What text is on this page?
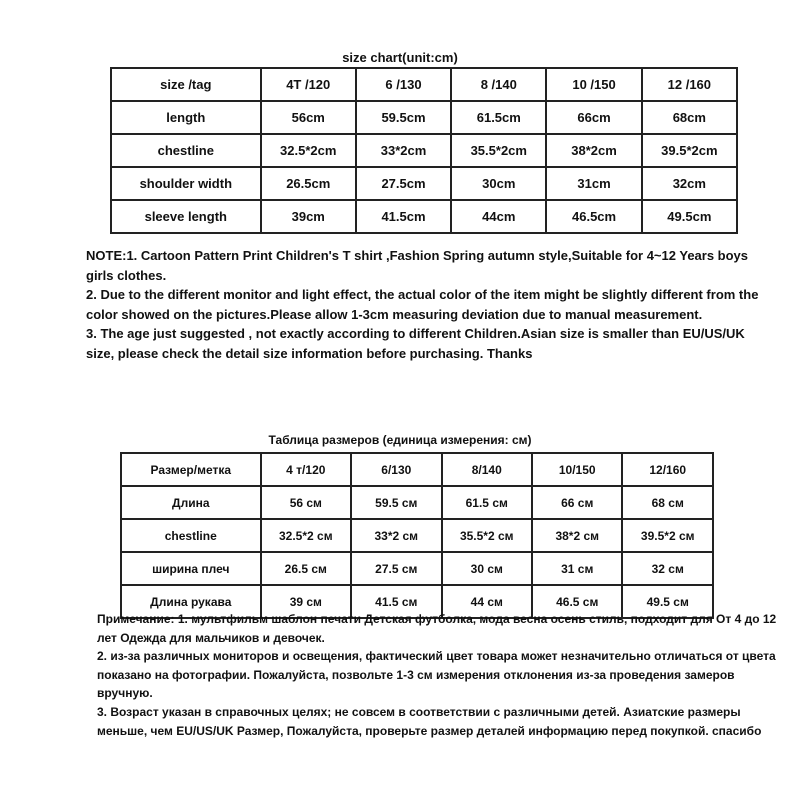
size chart(unit:cm)
size /tag	4T /120	6 /130	8 /140	10 /150	12 /160
length	56cm	59.5cm	61.5cm	66cm	68cm
chestline	32.5*2cm	33*2cm	35.5*2cm	38*2cm	39.5*2cm
shoulder width	26.5cm	27.5cm	30cm	31cm	32cm
sleeve length	39cm	41.5cm	44cm	46.5cm	49.5cm

NOTE:1. Cartoon Pattern Print Children's T shirt ,Fashion Spring autumn style,Suitable for 4~12 Years boys girls clothes.

2. Due to the different monitor and light effect, the actual color of the item might be slightly different from the color showed on the pictures.Please allow 1-3cm measuring deviation due to manual measurement.

3. The age just suggested , not exactly according to different Children.Asian size is smaller than EU/US/UK size, please check the detail size information before purchasing. Thanks

Таблица размеров (единица измерения: см)
Размер/метка	4 т/120	6/130	8/140	10/150	12/160
Длина	56 см	59.5 см	61.5 см	66 см	68 см
chestline	32.5*2 см	33*2 см	35.5*2 см	38*2 см	39.5*2 см
ширина плеч	26.5 см	27.5 см	30 см	31 см	32 см
Длина рукава	39 см	41.5 см	44 см	46.5 см	49.5 см

Примечание: 1. мультфильм шаблон печати Детская футболка, мода весна осень стиль, подходит для От 4 до 12 лет Одежда для мальчиков и девочек.

2. из-за различных мониторов и освещения, фактический цвет товара может незначительно отличаться от цвета показано на фотографии. Пожалуйста, позвольте 1-3 см измерения отклонения из-за проведения замеров вручную.

3. Возраст указан в справочных целях; не совсем в соответствии с различными детей. Азиатские размеры меньше, чем EU/US/UK Размер, Пожалуйста, проверьте размер деталей информацию перед покупкой. спасибо
